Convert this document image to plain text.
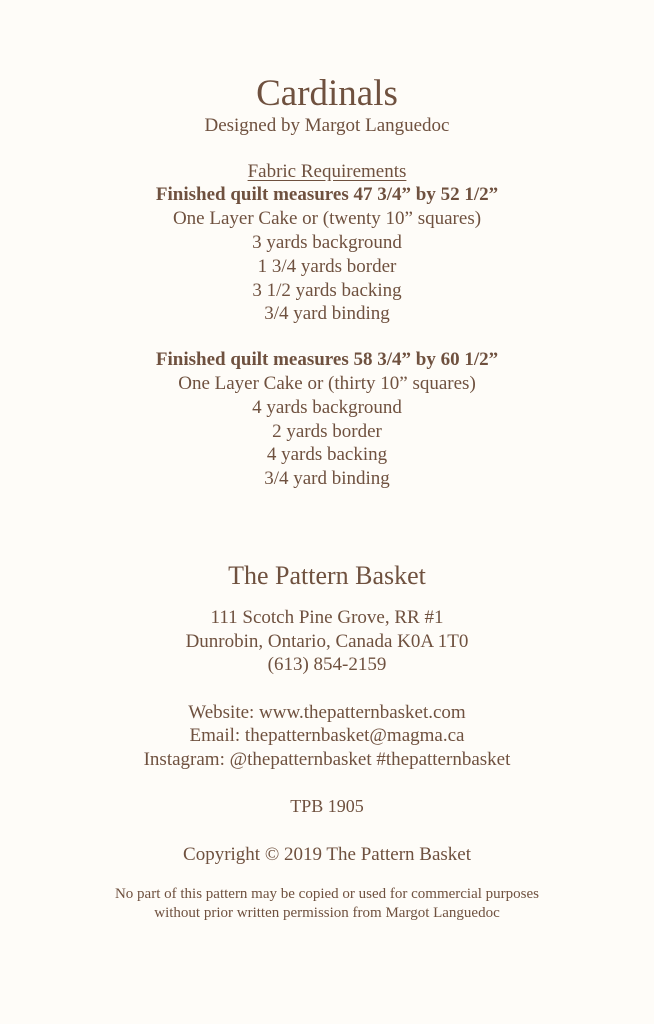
Cardinals
Designed by Margot Languedoc
Fabric Requirements
Finished quilt measures 47 3/4” by 52 1/2”
One Layer Cake or (twenty 10” squares)
3 yards background
1 3/4 yards border
3 1/2 yards backing
3/4 yard binding
Finished quilt measures 58 3/4” by 60 1/2”
One Layer Cake or (thirty 10” squares)
4 yards background
2 yards border
4 yards backing
3/4 yard binding
The Pattern Basket
111 Scotch Pine Grove, RR #1
Dunrobin, Ontario, Canada K0A 1T0
(613) 854-2159
Website: www.thepatternbasket.com
Email: thepatternbasket@magma.ca
Instagram: @thepatternbasket #thepatternbasket
TPB 1905
Copyright © 2019 The Pattern Basket
No part of this pattern may be copied or used for commercial purposes
without prior written permission from Margot Languedoc
